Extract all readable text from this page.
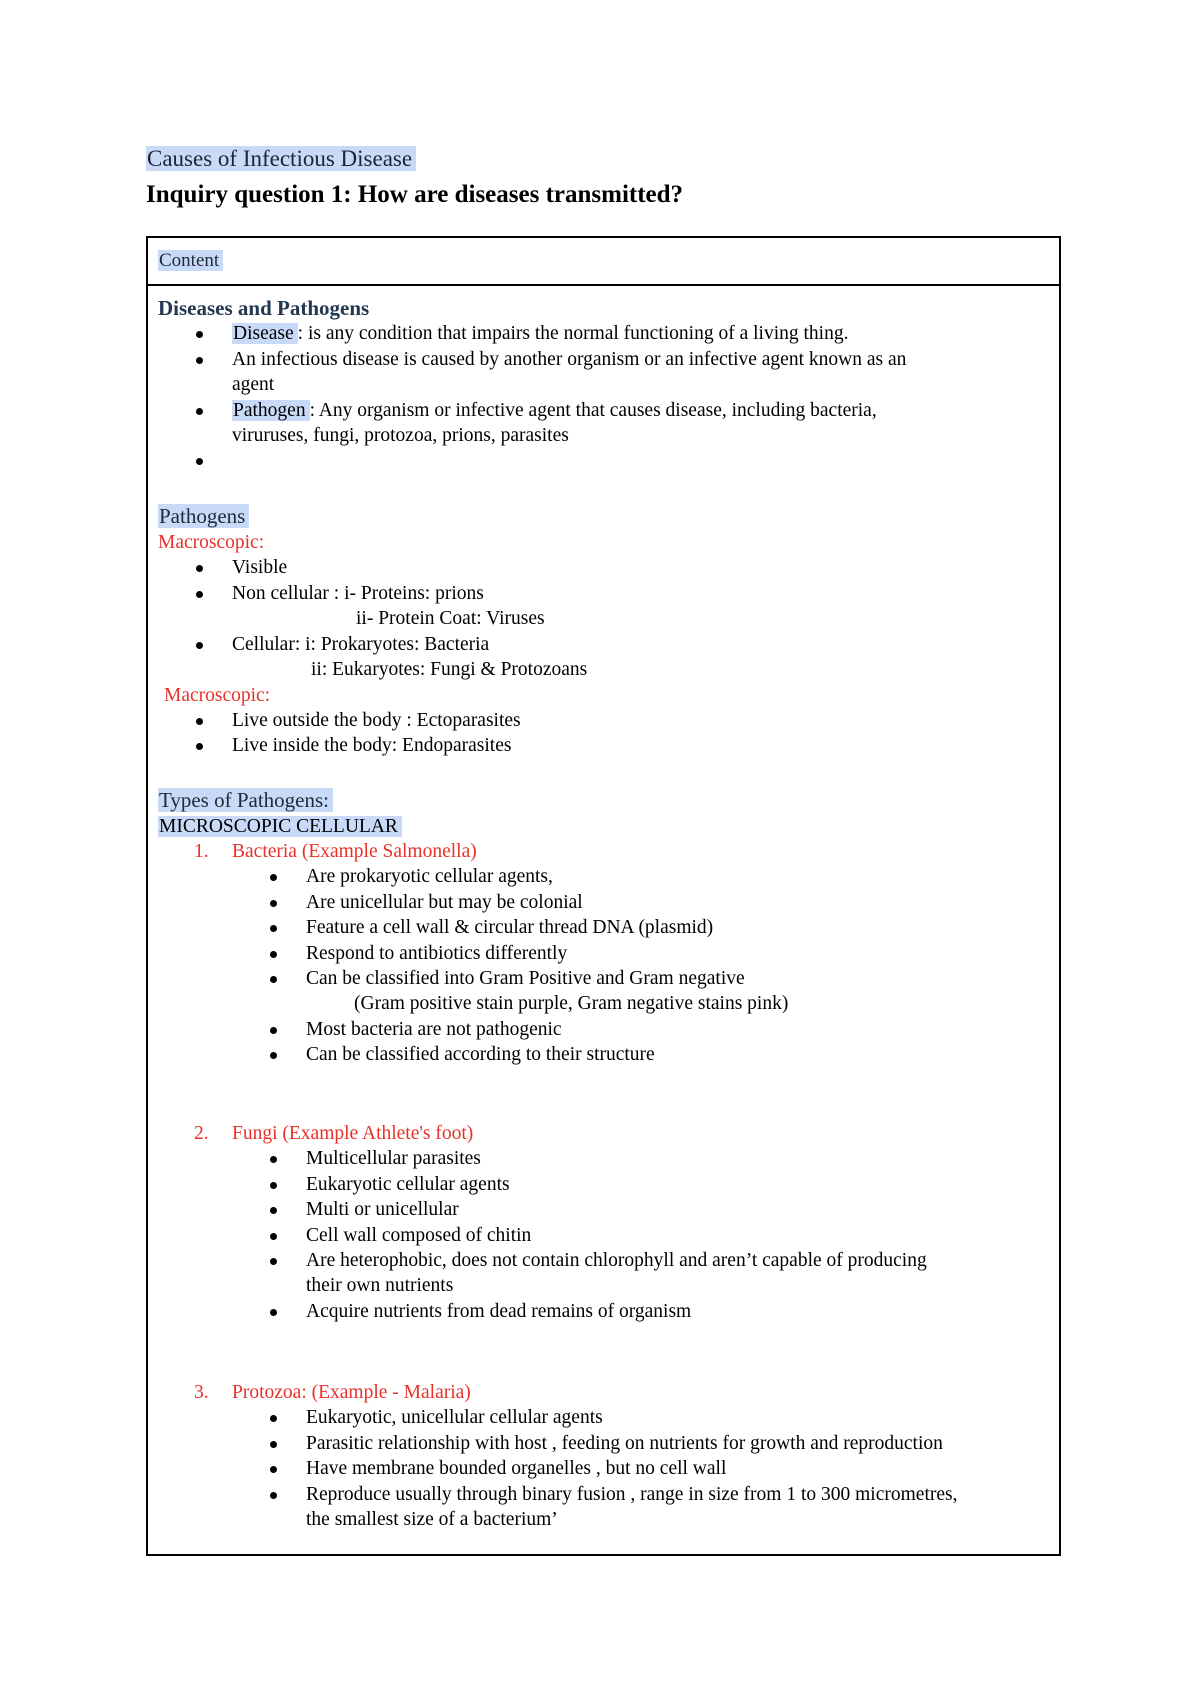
Causes of Infectious Disease
Inquiry question 1: How are diseases transmitted?
Content
Diseases and Pathogens
Disease : is any condition that impairs the normal functioning of a living thing.
An infectious disease is caused by another organism or an infective agent known as an
agent
Pathogen : Any organism or infective agent that causes disease, including bacteria,
viruruses, fungi, protozoa, prions, parasites
Pathogens
Macroscopic:
Visible
Non cellular : i- Proteins: prions
ii- Protein Coat: Viruses
Cellular: i: Prokaryotes: Bacteria
ii: Eukaryotes: Fungi & Protozoans
Macroscopic:
Live outside the body : Ectoparasites
Live inside the body: Endoparasites
Types of Pathogens:
MICROSCOPIC CELLULAR
1. Bacteria (Example Salmonella)
Are prokaryotic cellular agents,
Are unicellular but may be colonial
Feature a cell wall & circular thread DNA (plasmid)
Respond to antibiotics differently
Can be classified into Gram Positive and Gram negative
(Gram positive stain purple, Gram negative stains pink)
Most bacteria are not pathogenic
Can be classified according to their structure
2. Fungi (Example Athlete's foot)
Multicellular parasites
Eukaryotic cellular agents
Multi or unicellular
Cell wall composed of chitin
Are heterophobic, does not contain chlorophyll and aren’t capable of producing
their own nutrients
Acquire nutrients from dead remains of organism
3. Protozoa: (Example - Malaria)
Eukaryotic, unicellular cellular agents
Parasitic relationship with host , feeding on nutrients for growth and reproduction
Have membrane bounded organelles , but no cell wall
Reproduce usually through binary fusion , range in size from 1 to 300 micrometres,
the smallest size of a bacterium’
